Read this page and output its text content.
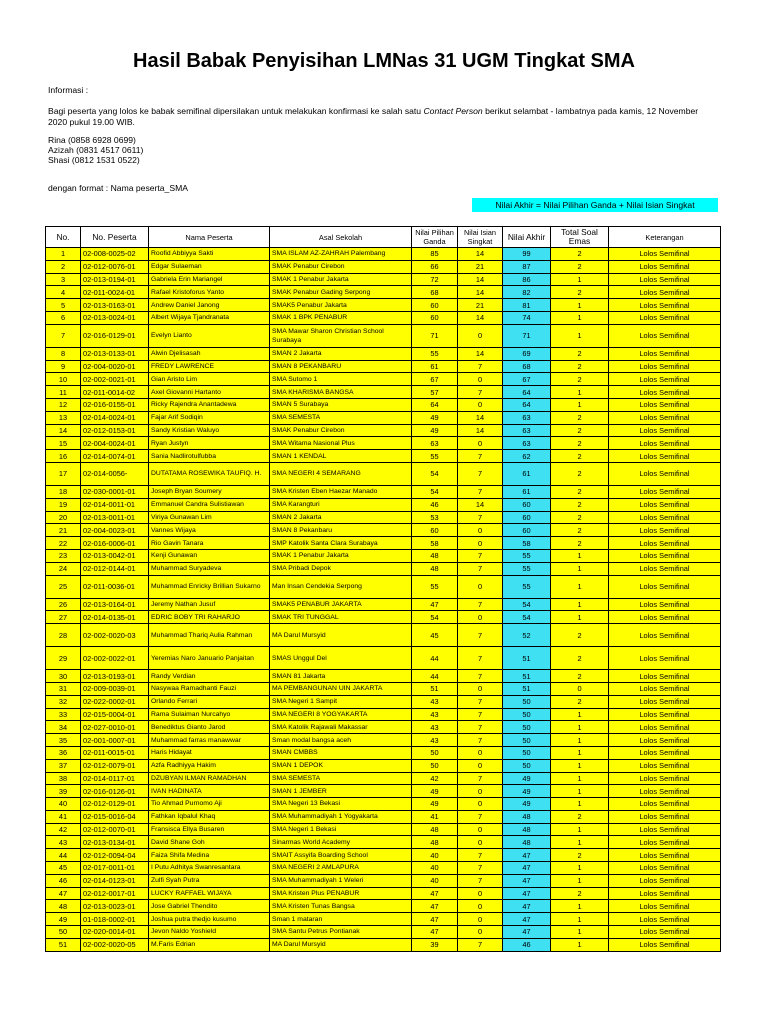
Hasil Babak Penyisihan LMNas 31 UGM Tingkat SMA
Informasi :
Bagi peserta yang lolos ke babak semifinal dipersilakan untuk melakukan konfirmasi ke salah satu Contact Person berikut selambat - lambatnya pada kamis, 12 November 2020 pukul 19.00 WIB.
Rina (0858 6928 0699)
Azizah (0831 4517 0611)
Shasi (0812 1531 0522)
dengan format : Nama peserta_SMA
Nilai Akhir = Nilai Pilihan Ganda + Nilai Isian Singkat
No.	No. Peserta	Nama Peserta	Asal Sekolah	Nilai Pilihan Ganda	Nilai Isian Singkat	Nilai Akhir	Total Soal Emas	Keterangan
1	02-008-0025-02	Roofid Abbiyya Sakti	SMA ISLAM AZ-ZAHRAH Palembang	85	14	99	2	Lolos Semifinal
2	02-012-0076-01	Edgar Sulaeman	SMAK Penabur Cirebon	66	21	87	2	Lolos Semifinal
3	02-013-0194-01	Gabriela Erin Mariangel	SMAK 1 Penabur Jakarta	72	14	86	1	Lolos Semifinal
4	02-011-0024-01	Rafael Kristoforus Yanto	SMAK Penabur Gading Serpong	68	14	82	2	Lolos Semifinal
5	02-013-0163-01	Andrew Daniel Janong	SMAK5 Penabur Jakarta	60	21	81	1	Lolos Semifinal
6	02-013-0024-01	Albert Wijaya Tjandranata	SMAK 1 BPK PENABUR	60	14	74	1	Lolos Semifinal
7	02-016-0129-01	Evelyn Lianto	SMA Mawar Sharon Christian School Surabaya	71	0	71	1	Lolos Semifinal
8	02-013-0133-01	Alwin Djelisasah	SMAN 2 Jakarta	55	14	69	2	Lolos Semifinal
9	02-004-0020-01	FREDY LAWRENCE	SMAN 8 PEKANBARU	61	7	68	2	Lolos Semifinal
10	02-002-0021-01	Gian Aristo Lim	SMA Sutomo 1	67	0	67	2	Lolos Semifinal
11	02-011-0014-02	Axel Giovanni Hartanto	SMA KHARISMA BANGSA	57	7	64	1	Lolos Semifinal
12	02-016-0155-01	Ricky Rajendra Anantadewa	SMAN 5 Surabaya	64	0	64	1	Lolos Semifinal
13	02-014-0024-01	Fajar Arif Sodiqin	SMA SEMESTA	49	14	63	2	Lolos Semifinal
14	02-012-0153-01	Sandy Kristian Waluyo	SMAK Penabur Cirebon	49	14	63	2	Lolos Semifinal
15	02-004-0024-01	Ryan Justyn	SMA Witama Nasional Plus	63	0	63	2	Lolos Semifinal
16	02-014-0074-01	Sania Nadlirotulfubba	SMAN 1 KENDAL	55	7	62	2	Lolos Semifinal
17	02-014-0056-	DUTATAMA ROSEWIKA TAUFIQ. H.	SMA NEGERI 4 SEMARANG	54	7	61	2	Lolos Semifinal
18	02-030-0001-01	Joseph Bryan Soumery	SMA Kristen Eben Haezar Manado	54	7	61	2	Lolos Semifinal
19	02-014-0011-01	Emmanuel Candra Sulistiawan	SMA Karangturi	46	14	60	2	Lolos Semifinal
20	02-013-0011-01	Viriya Gunawan Lim	SMAN 2 Jakarta	53	7	60	2	Lolos Semifinal
21	02-004-0023-01	Vannes Wijaya	SMAN 8 Pekanbaru	60	0	60	2	Lolos Semifinal
22	02-016-0006-01	Rio Gavin Tanara	SMP Katolik Santa Clara Surabaya	58	0	58	2	Lolos Semifinal
23	02-013-0042-01	Kenji Gunawan	SMAK 1 Penabur Jakarta	48	7	55	1	Lolos Semifinal
24	02-012-0144-01	Muhammad Suryadeva	SMA Pribadi Depok	48	7	55	1	Lolos Semifinal
25	02-011-0036-01	Muhammad Enricky Brillian Sukarno	Man Insan Cendekia Serpong	55	0	55	1	Lolos Semifinal
26	02-013-0164-01	Jeremy Nathan Jusuf	SMAK5 PENABUR JAKARTA	47	7	54	1	Lolos Semifinal
27	02-014-0135-01	EDRIC BOBY TRI RAHARJO	SMAK TRI TUNGGAL	54	0	54	1	Lolos Semifinal
28	02-002-0020-03	Muhammad Thariq Aulia Rahman	MA Darul Mursyid	45	7	52	2	Lolos Semifinal
29	02-002-0022-01	Yeremias Naro Januario Panjaitan	SMAS Unggul Del	44	7	51	2	Lolos Semifinal
30	02-013-0193-01	Randy Verdian	SMAN 81 Jakarta	44	7	51	2	Lolos Semifinal
31	02-009-0039-01	Nasywaa Ramadhanti Fauzi	MA PEMBANGUNAN UIN JAKARTA	51	0	51	0	Lolos Semifinal
32	02-022-0002-01	Orlando Ferrari	SMA Negeri 1 Sampit	43	7	50	2	Lolos Semifinal
33	02-015-0004-01	Rama Sulaiman Nurcahyo	SMA NEGERI 8 YOGYAKARTA	43	7	50	1	Lolos Semifinal
34	02-027-0010-01	Benediktus Gianto Jarod	SMA Katolik Rajawali Makassar	43	7	50	1	Lolos Semifinal
35	02-001-0007-01	Muhammad farras manawwar	Sman modal bangsa aceh	43	7	50	1	Lolos Semifinal
36	02-011-0015-01	Haris Hidayat	SMAN CMBBS	50	0	50	1	Lolos Semifinal
37	02-012-0079-01	Azfa Radhiyya Hakim	SMAN 1 DEPOK	50	0	50	1	Lolos Semifinal
38	02-014-0117-01	DZUBYAN ILMAN RAMADHAN	SMA SEMESTA	42	7	49	1	Lolos Semifinal
39	02-016-0126-01	IVAN HADINATA	SMAN 1 JEMBER	49	0	49	1	Lolos Semifinal
40	02-012-0129-01	Tio Ahmad Purnomo Aji	SMA Negeri 13 Bekasi	49	0	49	1	Lolos Semifinal
41	02-015-0016-04	Fathkan Iqbalul Khaq	SMA Muhammadiyah 1 Yogyakarta	41	7	48	2	Lolos Semifinal
42	02-012-0070-01	Fransisca Ellya Busaren	SMA Negeri 1 Bekasi	48	0	48	1	Lolos Semifinal
43	02-013-0134-01	David Shane Goh	Sinarmas World Academy	48	0	48	1	Lolos Semifinal
44	02-012-0094-04	Faiza Shifa Medina	SMAIT Assyifa Boarding School	40	7	47	2	Lolos Semifinal
45	02-017-0011-01	I Putu Adhitya Swanresantara	SMA NEGERI 2 AMLAPURA	40	7	47	1	Lolos Semifinal
46	02-014-0123-01	Zulfi Syah Putra	SMA Muhammadiyah 1 Weleri	40	7	47	1	Lolos Semifinal
47	02-012-0017-01	LUCKY RAFFAEL WIJAYA	SMA Kristen Plus PENABUR	47	0	47	2	Lolos Semifinal
48	02-013-0023-01	Jose Gabriel Thendito	SMA Kristen Tunas Bangsa	47	0	47	1	Lolos Semifinal
49	01-018-0002-01	Joshua putra thedjo kusumo	Sman 1 mataran	47	0	47	1	Lolos Semifinal
50	02-020-0014-01	Jevon Naldo Yoshield	SMA Santu Petrus Pontianak	47	0	47	1	Lolos Semifinal
51	02-002-0020-05	M.Faris Edrian	MA Darul Mursyid	39	7	46	1	Lolos Semifinal
